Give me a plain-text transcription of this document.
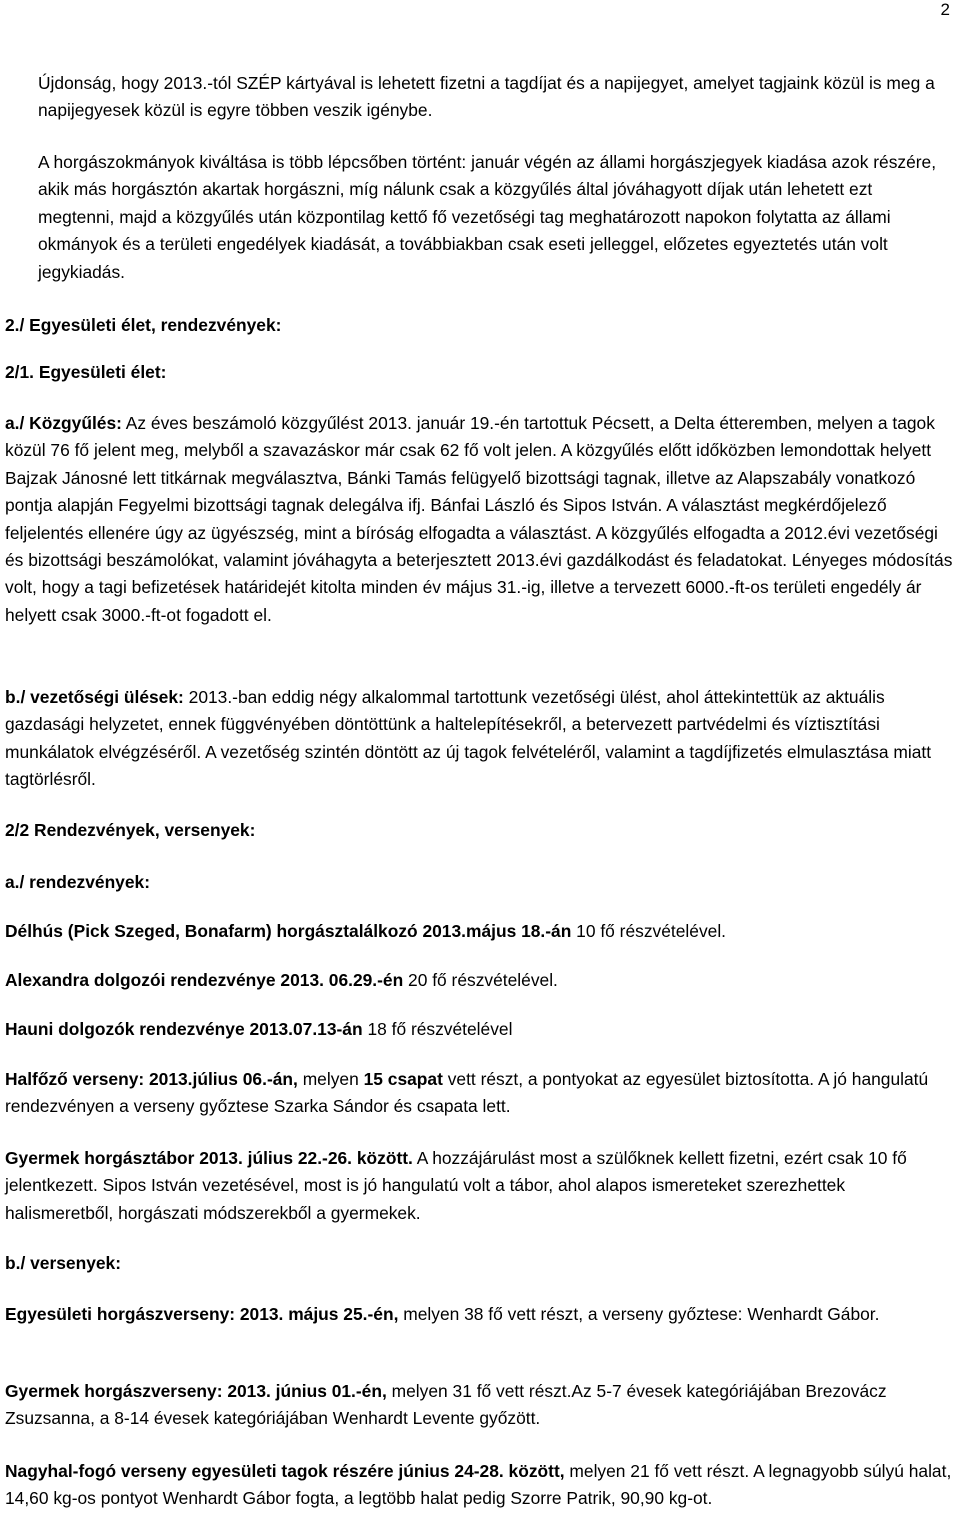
2

Újdonság, hogy 2013.-tól SZÉP kártyával is lehetett fizetni a tagdíjat és a napijegyet, amelyet tagjaink közül is meg a napijegyesek közül is egyre többen veszik igénybe.

A horgászokmányok kiváltása is több lépcsőben történt: január végén az állami horgászjegyek kiadása azok részére, akik más horgásztón akartak horgászni, míg nálunk csak a közgyűlés által jóváhagyott díjak után lehetett ezt megtenni, majd a közgyűlés után központilag kettő fő vezetőségi tag meghatározott napokon folytatta az állami okmányok és a területi engedélyek kiadását, a továbbiakban csak eseti jelleggel, előzetes egyeztetés után volt jegykiadás.

2./ Egyesületi élet, rendezvények:

2/1. Egyesületi élet:

a./ Közgyűlés: Az éves beszámoló közgyűlést 2013. január 19.-én tartottuk Pécsett, a Delta étteremben, melyen a tagok közül 76 fő jelent meg, melyből a szavazáskor már csak 62 fő volt jelen. A közgyűlés előtt időközben lemondottak helyett Bajzak Jánosné lett titkárnak megválasztva, Bánki Tamás felügyelő bizottsági tagnak, illetve az Alapszabály vonatkozó pontja alapján Fegyelmi bizottsági tagnak delegálva ifj. Bánfai László és Sipos István. A választást megkérdőjelező feljelentés ellenére úgy az ügyészség, mint a bíróság elfogadta a választást. A közgyűlés elfogadta a 2012.évi vezetőségi és bizottsági beszámolókat, valamint jóváhagyta a beterjesztett 2013.évi gazdálkodást és feladatokat. Lényeges módosítás volt, hogy a tagi befizetések határidejét kitolta minden év május 31.-ig, illetve a tervezett 6000.-ft-os területi engedély ár helyett csak 3000.-ft-ot fogadott el.

b./ vezetőségi ülések: 2013.-ban eddig négy alkalommal tartottunk vezetőségi ülést, ahol áttekintettük az aktuális gazdasági helyzetet, ennek függvényében döntöttünk a haltelepítésekről, a betervezett partvédelmi és víztisztítási munkálatok elvégzéséről. A vezetőség szintén döntött az új tagok felvételéről, valamint a tagdíjfizetés elmulasztása miatt tagtörlésről.

2/2 Rendezvények, versenyek:

a./ rendezvények:

Délhús (Pick Szeged, Bonafarm) horgásztalálkozó 2013.május 18.-án 10 fő részvételével.

Alexandra dolgozói rendezvénye 2013. 06.29.-én 20 fő részvételével.

Hauni dolgozók rendezvénye 2013.07.13-án 18 fő részvételével

Halfőző verseny: 2013.július 06.-án, melyen 15 csapat vett részt, a pontyokat az egyesület biztosította. A jó hangulatú rendezvényen a verseny győztese Szarka Sándor és csapata lett.

Gyermek horgásztábor 2013. július 22.-26. között. A hozzájárulást most a szülőknek kellett fizetni, ezért csak 10 fő jelentkezett. Sipos István vezetésével, most is jó hangulatú volt a tábor, ahol alapos ismereteket szerezhettek halismeretből, horgászati módszerekből a gyermekek.

b./ versenyek:

Egyesületi horgászverseny: 2013. május 25.-én, melyen 38 fő vett részt, a verseny győztese: Wenhardt Gábor.

Gyermek horgászverseny: 2013. június 01.-én, melyen 31 fő vett részt.Az 5-7 évesek kategóriájában Brezovácz Zsuzsanna, a 8-14 évesek kategóriájában Wenhardt Levente győzött.

Nagyhal-fogó verseny egyesületi tagok részére június 24-28. között, melyen 21 fő vett részt. A legnagyobb súlyú halat, 14,60 kg-os pontyot Wenhardt Gábor fogta, a legtöbb halat pedig Szorre Patrik, 90,90 kg-ot.
